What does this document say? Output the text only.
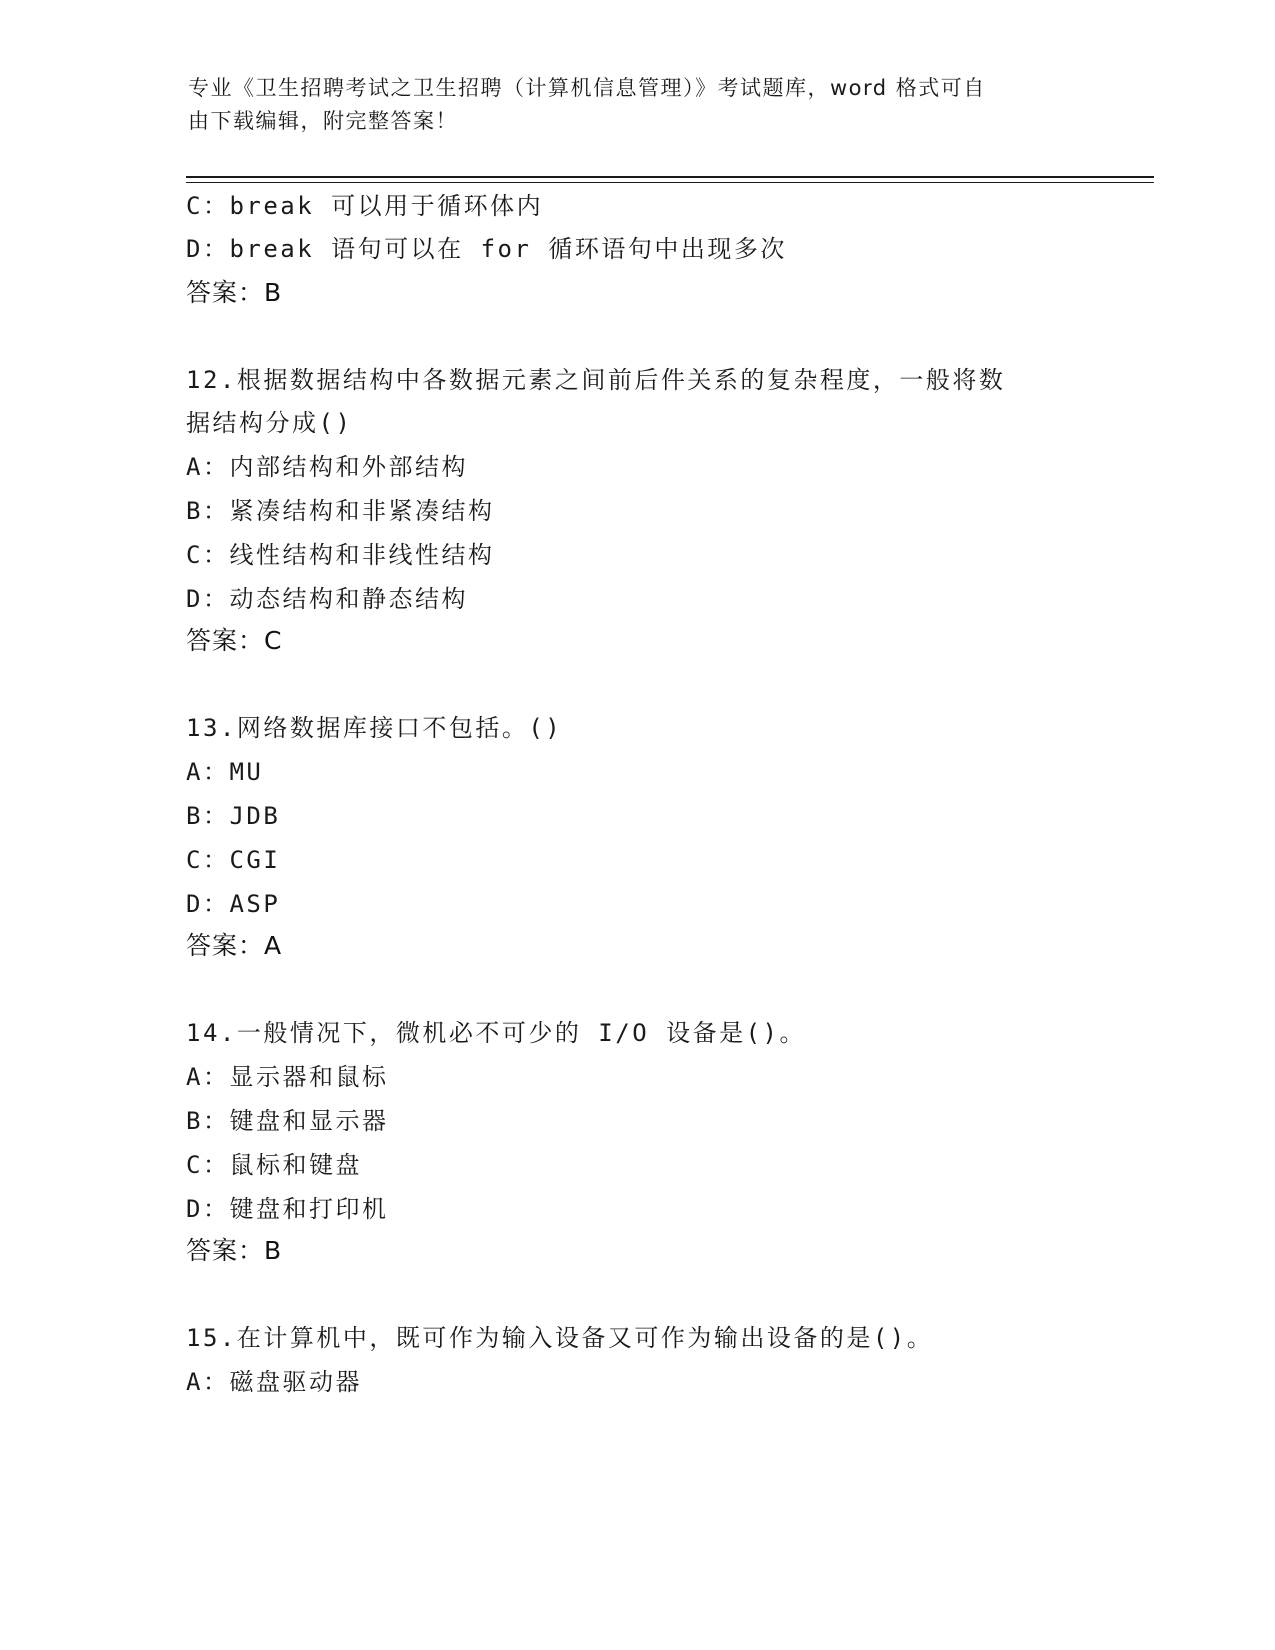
专业《卫生招聘考试之卫生招聘（计算机信息管理）》考试题库，word 格式可自
由下载编辑，附完整答案！
C：break 可以用于循环体内
D：break 语句可以在 for 循环语句中出现多次
答案：B
12.根据数据结构中各数据元素之间前后件关系的复杂程度，一般将数
据结构分成()
A：内部结构和外部结构
B：紧凑结构和非紧凑结构
C：线性结构和非线性结构
D：动态结构和静态结构
答案：C
13.网络数据库接口不包括。()
A：MU
B：JDB
C：CGI
D：ASP
答案：A
14.一般情况下，微机必不可少的 I/O 设备是()。
A：显示器和鼠标
B：键盘和显示器
C：鼠标和键盘
D：键盘和打印机
答案：B
15.在计算机中，既可作为输入设备又可作为输出设备的是()。
A：磁盘驱动器
